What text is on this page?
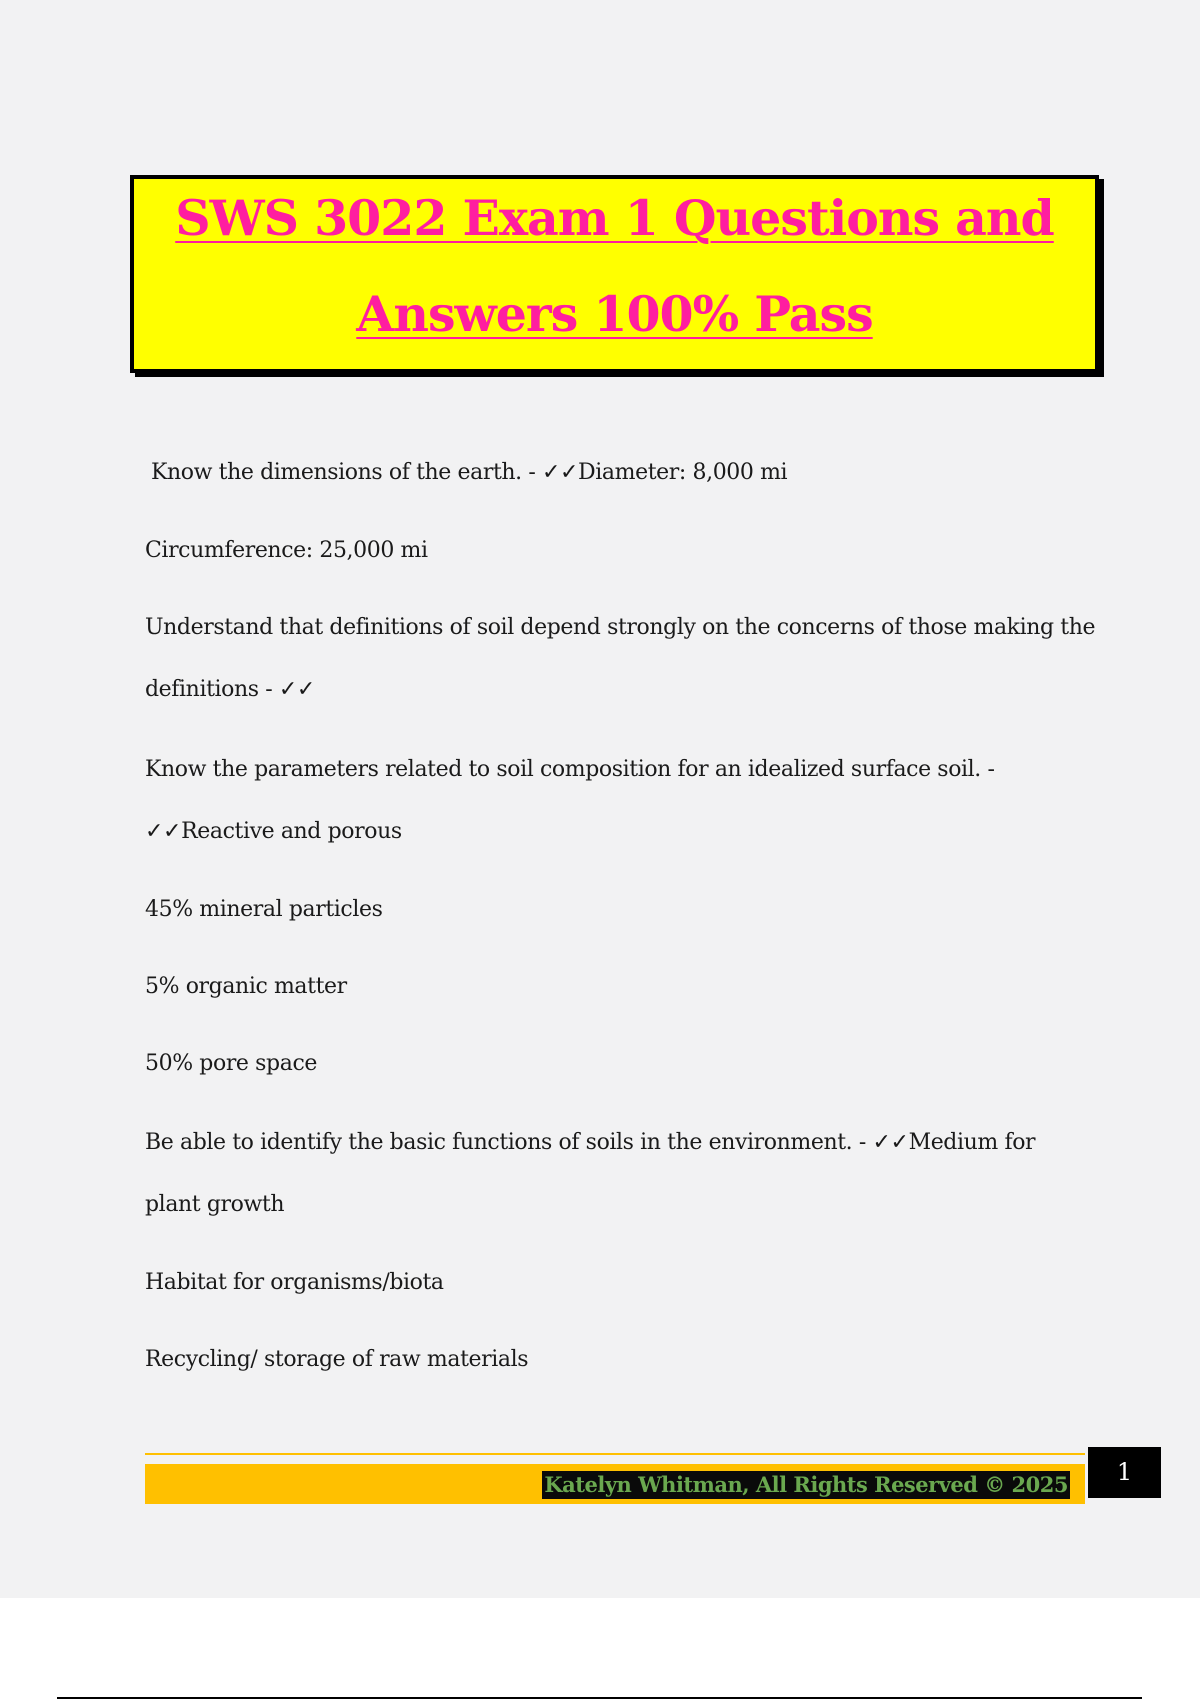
SWS 3022 Exam 1 Questions and
Answers 100% Pass
Know the dimensions of the earth. - ✓✓Diameter: 8,000 mi
Circumference: 25,000 mi
Understand that definitions of soil depend strongly on the concerns of those making the
definitions - ✓✓
Know the parameters related to soil composition for an idealized surface soil. -
✓✓Reactive and porous
45% mineral particles
5% organic matter
50% pore space
Be able to identify the basic functions of soils in the environment. - ✓✓Medium for
plant growth
Habitat for organisms/biota
Recycling/ storage of raw materials
Katelyn Whitman, All Rights Reserved © 2025	1
